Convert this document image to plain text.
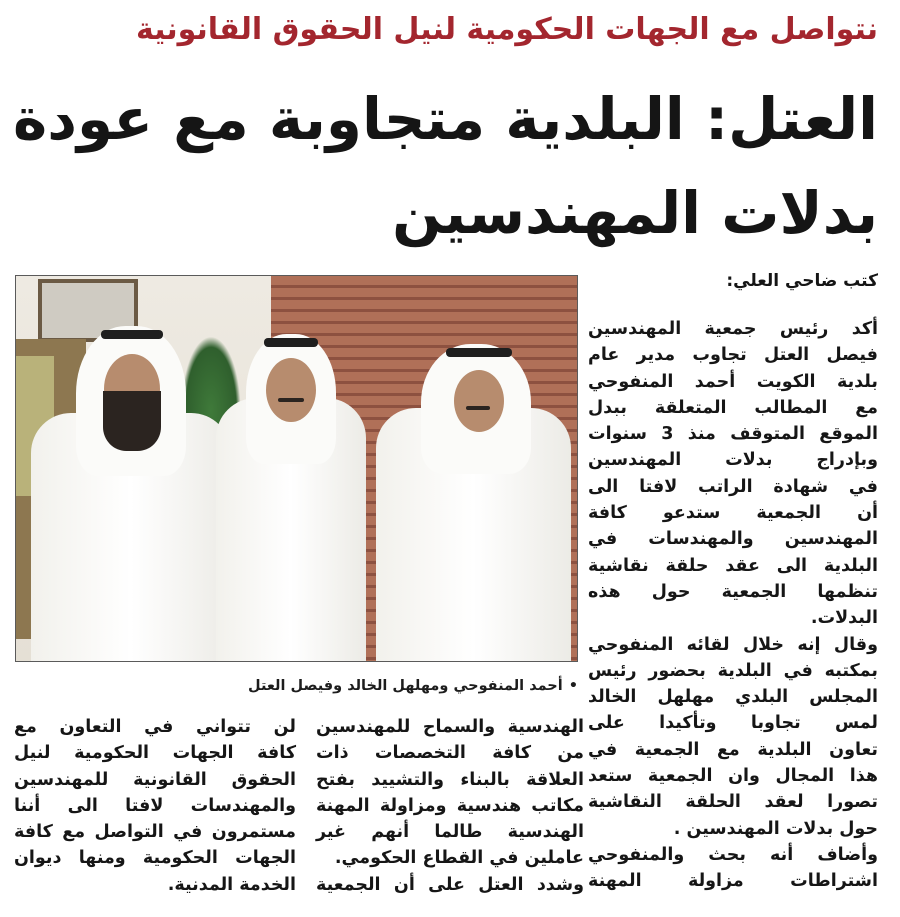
نتواصل مع الجهات الحكومية لنيل الحقوق القانونية
العتل: البلدية متجاوبة مع عودة
بدلات المهندسين
كتب ضاحي العلي:
•أحمد المنفوحي ومهلهل الخالد وفيصل العتل
أكد رئيس جمعية المهندسين
فيصل العتل تجاوب مدير عام
بلدية الكويت أحمد المنفوحي
مع المطالب المتعلقة ببدل
الموقع المتوقف منذ 3 سنوات
وبإدراج بدلات المهندسين
في شهادة الراتب لافتا الى
أن الجمعية ستدعو كافة
المهندسين والمهندسات في
البلدية الى عقد حلقة نقاشية
تنظمها الجمعية حول هذه
البدلات.
وقال إنه خلال لقائه المنفوحي
بمكتبه في البلدية بحضور رئيس
المجلس البلدي مهلهل الخالد
لمس تجاوبا وتأكيدا على
تعاون البلدية مع الجمعية في
هذا المجال وان الجمعية ستعد
تصورا لعقد الحلقة النقاشية
حول بدلات المهندسين .
وأضاف أنه بحث والمنفوحي
اشتراطات مزاولة المهنة
الهندسية والسماح للمهندسين
من كافة التخصصات ذات
العلاقة بالبناء والتشييد بفتح
مكاتب هندسية ومزاولة المهنة
الهندسية طالما أنهم غير
عاملين في القطاع الحكومي.
وشدد العتل على أن الجمعية
لن تتواني في التعاون مع
كافة الجهات الحكومية لنيل
الحقوق القانونية للمهندسين
والمهندسات لافتا الى أننا
مستمرون في التواصل مع كافة
الجهات الحكومية ومنها ديوان
الخدمة المدنية.
